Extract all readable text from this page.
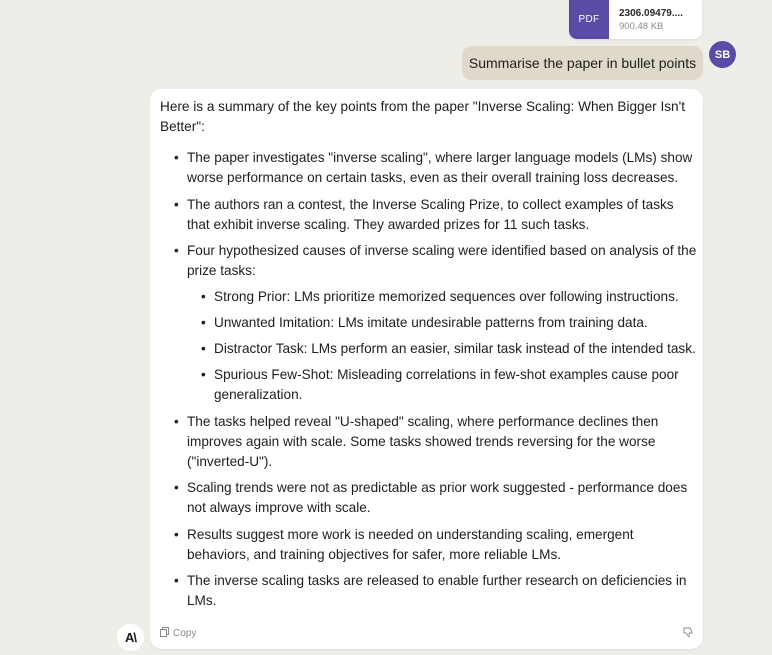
PDF
2306.09479....
900.48 KB
Summarise the paper in bullet points
SB

Here is a summary of the key points from the paper "Inverse Scaling: When Bigger Isn't Better":

• The paper investigates "inverse scaling", where larger language models (LMs) show worse performance on certain tasks, even as their overall training loss decreases.
• The authors ran a contest, the Inverse Scaling Prize, to collect examples of tasks that exhibit inverse scaling. They awarded prizes for 11 such tasks.
• Four hypothesized causes of inverse scaling were identified based on analysis of the prize tasks:
• Strong Prior: LMs prioritize memorized sequences over following instructions.
• Unwanted Imitation: LMs imitate undesirable patterns from training data.
• Distractor Task: LMs perform an easier, similar task instead of the intended task.
• Spurious Few-Shot: Misleading correlations in few-shot examples cause poor generalization.
• The tasks helped reveal "U-shaped" scaling, where performance declines then improves again with scale. Some tasks showed trends reversing for the worse ("inverted-U").
• Scaling trends were not as predictable as prior work suggested - performance does not always improve with scale.
• Results suggest more work is needed on understanding scaling, emergent behaviors, and training objectives for safer, more reliable LMs.
• The inverse scaling tasks are released to enable further research on deficiencies in LMs.
Copy
A\
